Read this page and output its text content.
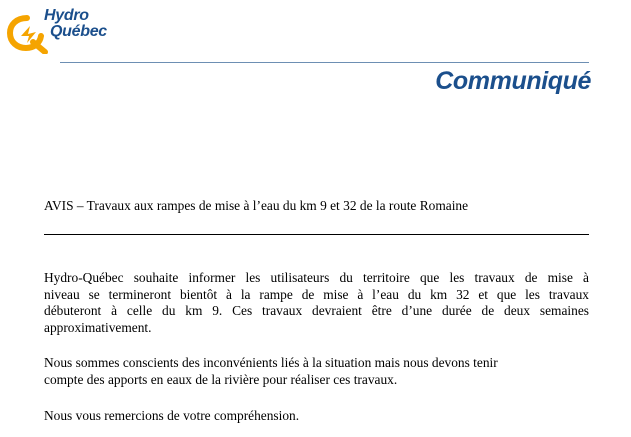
Hydro
Québec
Communiqué
AVIS – Travaux aux rampes de mise à l’eau du km 9 et 32 de la route Romaine
Hydro-Québec souhaite informer les utilisateurs du territoire que les travaux de mise à
niveau se termineront bientôt à la rampe de mise à l’eau du km 32 et que les travaux
débuteront à celle du km 9. Ces travaux devraient être d’une durée de deux semaines
approximativement.
Nous sommes conscients des inconvénients liés à la situation mais nous devons tenir
compte des apports en eaux de la rivière pour réaliser ces travaux.
Nous vous remercions de votre compréhension.
